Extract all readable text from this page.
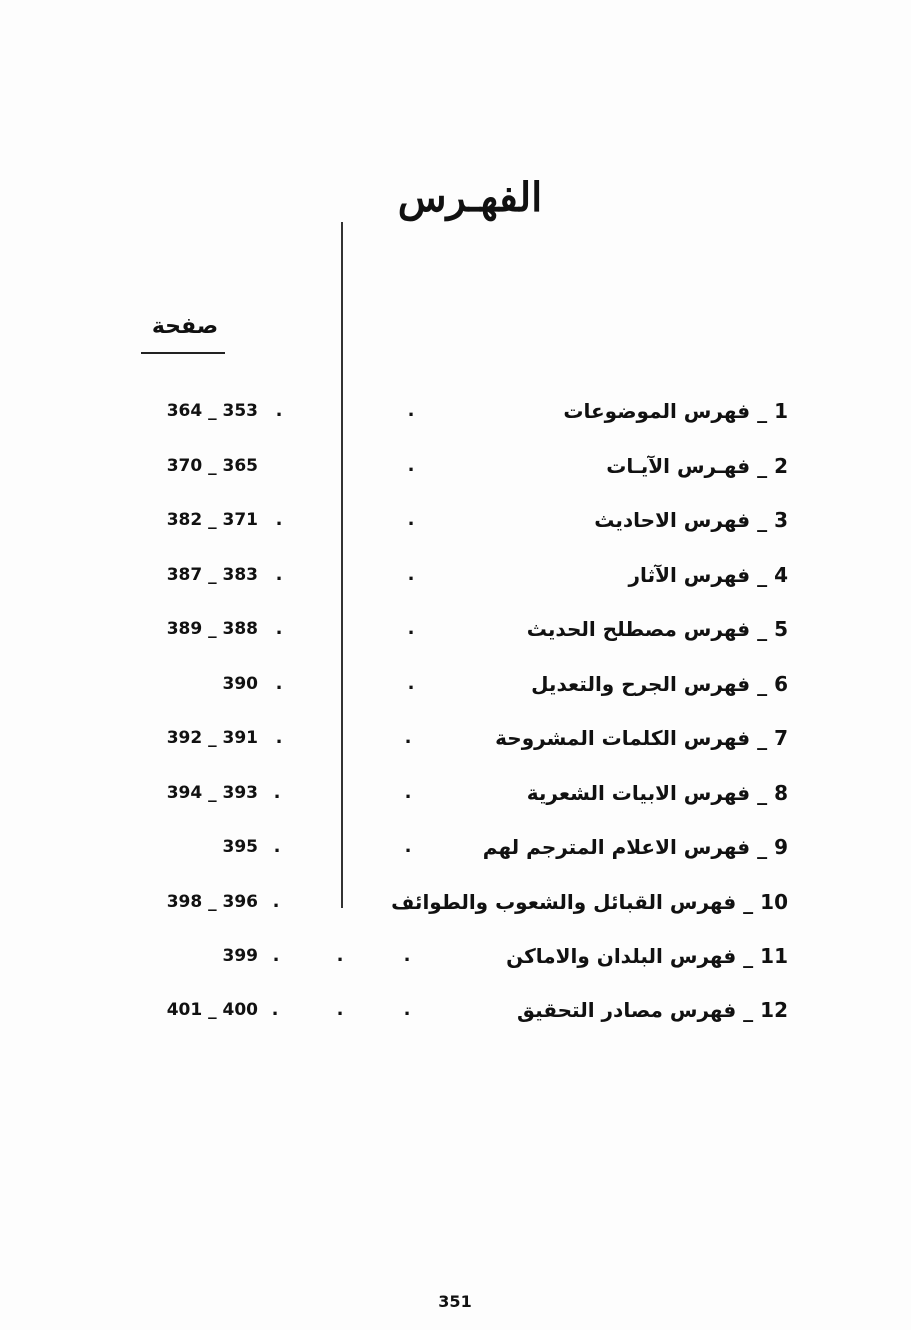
الفهـرس
صفحة
1 _ فهرس الموضوعات
.
.
364 _ 353
2 _ فهـرس الآيـات
.
370 _ 365
3 _ فهرس الاحاديث
.
.
382 _ 371
4 _ فهرس الآثار
.
.
387 _ 383
5 _ فهرس مصطلح الحديث
.
.
389 _ 388
6 _ فهرس الجرح والتعديل
.
.
390
7 _ فهرس الكلمات المشروحة
.
.
392 _ 391
8 _ فهرس الابيات الشعرية
.
.
394 _ 393
9 _ فهرس الاعلام المترجم لهم
.
.
395
10 _ فهرس القبائل والشعوب والطوائف
.
398 _ 396
11 _ فهرس البلدان والاماكن
.
.
.
399
12 _ فهرس مصادر التحقيق
.
.
.
401 _ 400
351
